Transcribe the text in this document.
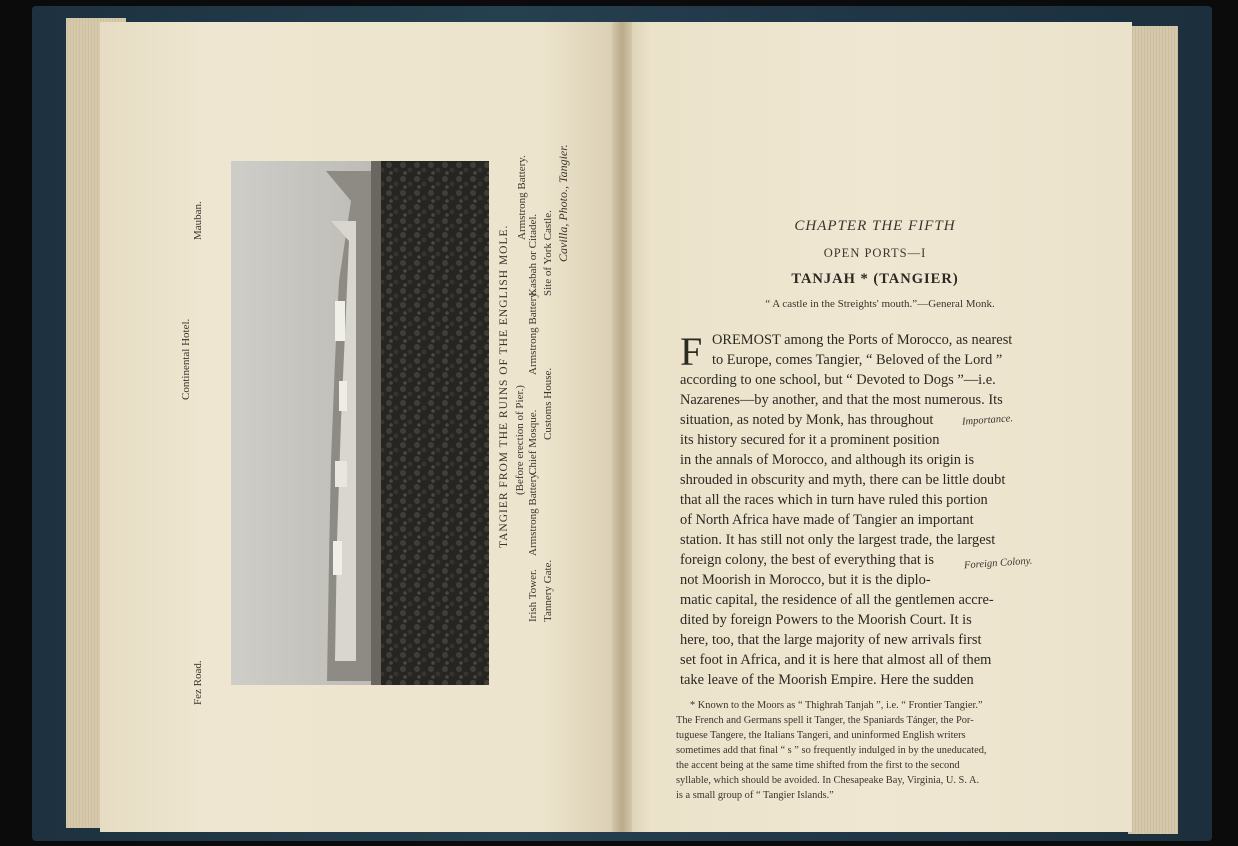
Fez Road.
Continental Hotel.
Mauban.
TANGIER FROM THE RUINS OF THE ENGLISH MOLE. (Before erection of Pier.)
Irish Tower. Tannery Gate.
Armstrong Battery.
Chief Mosque.
Customs House.
Armstrong Battery.
Kasbah or Citadel. Site of York Castle.
Armstrong Battery. Cavilla, Photo., Tangier.	CHAPTER THE FIFTH
OPEN PORTS—I
TANJAH * (TANGIER)
“ A castle in the Streights' mouth.”—General Monk.
F OREMOST among the Ports of Morocco, as nearest
to Europe, comes Tangier, “ Beloved of the Lord ”
according to one school, but “ Devoted to Dogs ”—i.e.
Nazarenes—by another, and that the most numerous. Its
situation, as noted by Monk, has throughout
its history secured for it a prominent position
in the annals of Morocco, and although its origin is
shrouded in obscurity and myth, there can be little doubt
that all the races which in turn have ruled this portion
of North Africa have made of Tangier an important
station. It has still not only the largest trade, the largest
foreign colony, the best of everything that is
not Moorish in Morocco, but it is the diplo-
matic capital, the residence of all the gentlemen accre-
dited by foreign Powers to the Moorish Court. It is
here, too, that the large majority of new arrivals first
set foot in Africa, and it is here that almost all of them
take leave of the Moorish Empire. Here the sudden
Importance.
Foreign Colony.
* Known to the Moors as “ Thighrah Tanjah ”, i.e. “ Frontier Tangier.”
The French and Germans spell it Tanger, the Spaniards Tánger, the Por-
tuguese Tangere, the Italians Tangeri, and uninformed English writers
sometimes add that final “ s ” so frequently indulged in by the uneducated,
the accent being at the same time shifted from the first to the second
syllable, which should be avoided. In Chesapeake Bay, Virginia, U. S. A.
is a small group of “ Tangier Islands.”
